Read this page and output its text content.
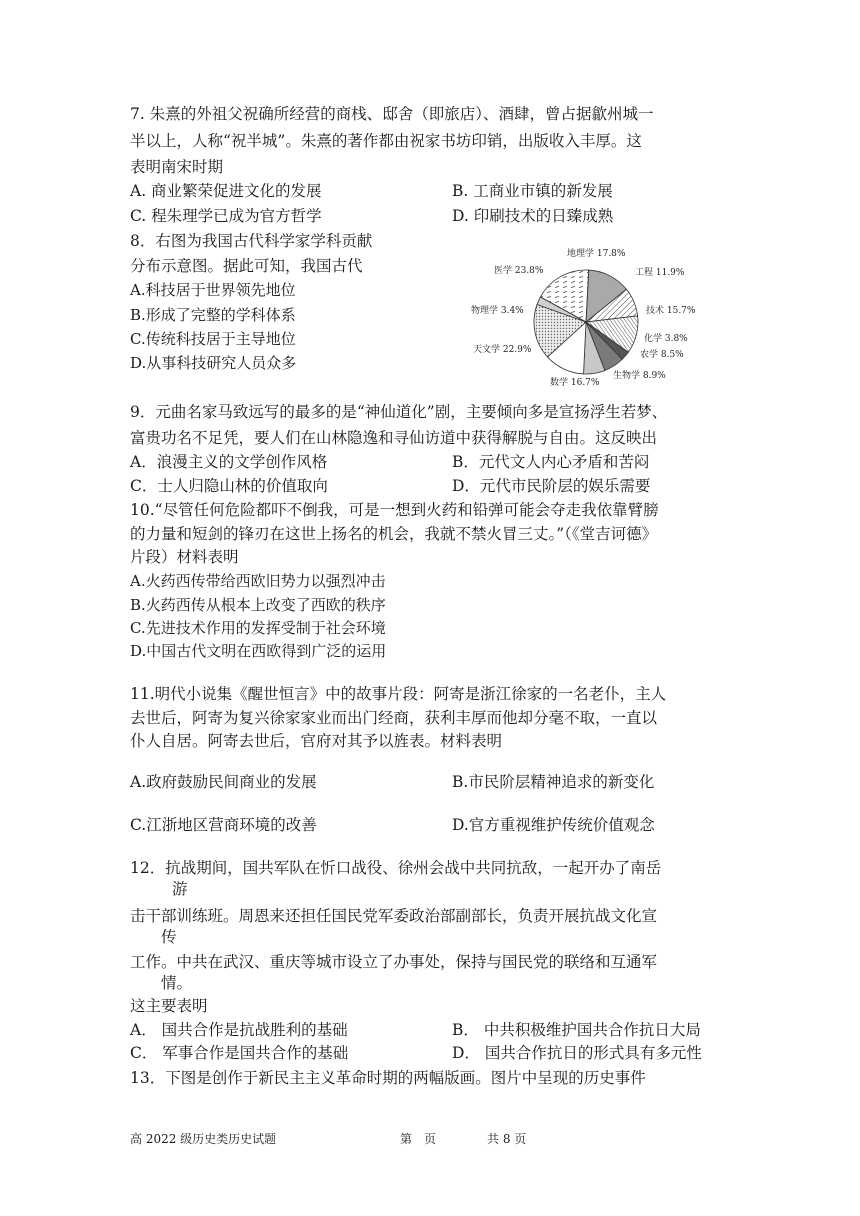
7. 朱熹的外祖父祝确所经营的商栈、邸舍（即旅店）、酒肆，曾占据歙州城一
半以上，人称“祝半城”。朱熹的著作都由祝家书坊印销，出版收入丰厚。这
表明南宋时期
A. 商业繁荣促进文化的发展	B. 工商业市镇的新发展
C. 程朱理学已成为官方哲学	D. 印刷技术的日臻成熟
8．右图为我国古代科学家学科贡献
分布示意图。据此可知，我国古代
A.科技居于世界领先地位
B.形成了完整的学科体系
C.传统科技居于主导地位
D.从事科技研究人员众多
地理学 17.8%
工程 11.9%
技术 15.7%
化学 3.8%
农学 8.5%
生物学 8.9%
数学 16.7%
天文学 22.9%
物理学 3.4%
医学 23.8%
9．元曲名家马致远写的最多的是“神仙道化”剧，主要倾向多是宣扬浮生若梦、
富贵功名不足凭，要人们在山林隐逸和寻仙访道中获得解脱与自由。这反映出
A．浪漫主义的文学创作风格	B．元代文人内心矛盾和苦闷
C．士人归隐山林的价值取向	D．元代市民阶层的娱乐需要
10.“尽管任何危险都吓不倒我，可是一想到火药和铅弹可能会夺走我依靠臂膀
的力量和短剑的锋刃在这世上扬名的机会，我就不禁火冒三丈。”（《堂吉诃德》
片段）材料表明
A.火药西传带给西欧旧势力以强烈冲击
B.火药西传从根本上改变了西欧的秩序
C.先进技术作用的发挥受制于社会环境
D.中国古代文明在西欧得到广泛的运用
11.明代小说集《醒世恒言》中的故事片段：阿寄是浙江徐家的一名老仆，主人
去世后，阿寄为复兴徐家家业而出门经商，获利丰厚而他却分毫不取，一直以
仆人自居。阿寄去世后，官府对其予以旌表。材料表明
A.政府鼓励民间商业的发展	B.市民阶层精神追求的新变化
C.江浙地区营商环境的改善	D.官方重视维护传统价值观念
12．抗战期间，国共军队在忻口战役、徐州会战中共同抗敌，一起开办了南岳
游
击干部训练班。周恩来还担任国民党军委政治部副部长，负责开展抗战文化宣
传
工作。中共在武汉、重庆等城市设立了办事处，保持与国民党的联络和互通军
情。
这主要表明
A． 国共合作是抗战胜利的基础	B． 中共积极维护国共合作抗日大局
C． 军事合作是国共合作的基础	D． 国共合作抗日的形式具有多元性
13．下图是创作于新民主主义革命时期的两幅版画。图片中呈现的历史事件
高 2022 级历史类历史试题	第　页	共 8 页
